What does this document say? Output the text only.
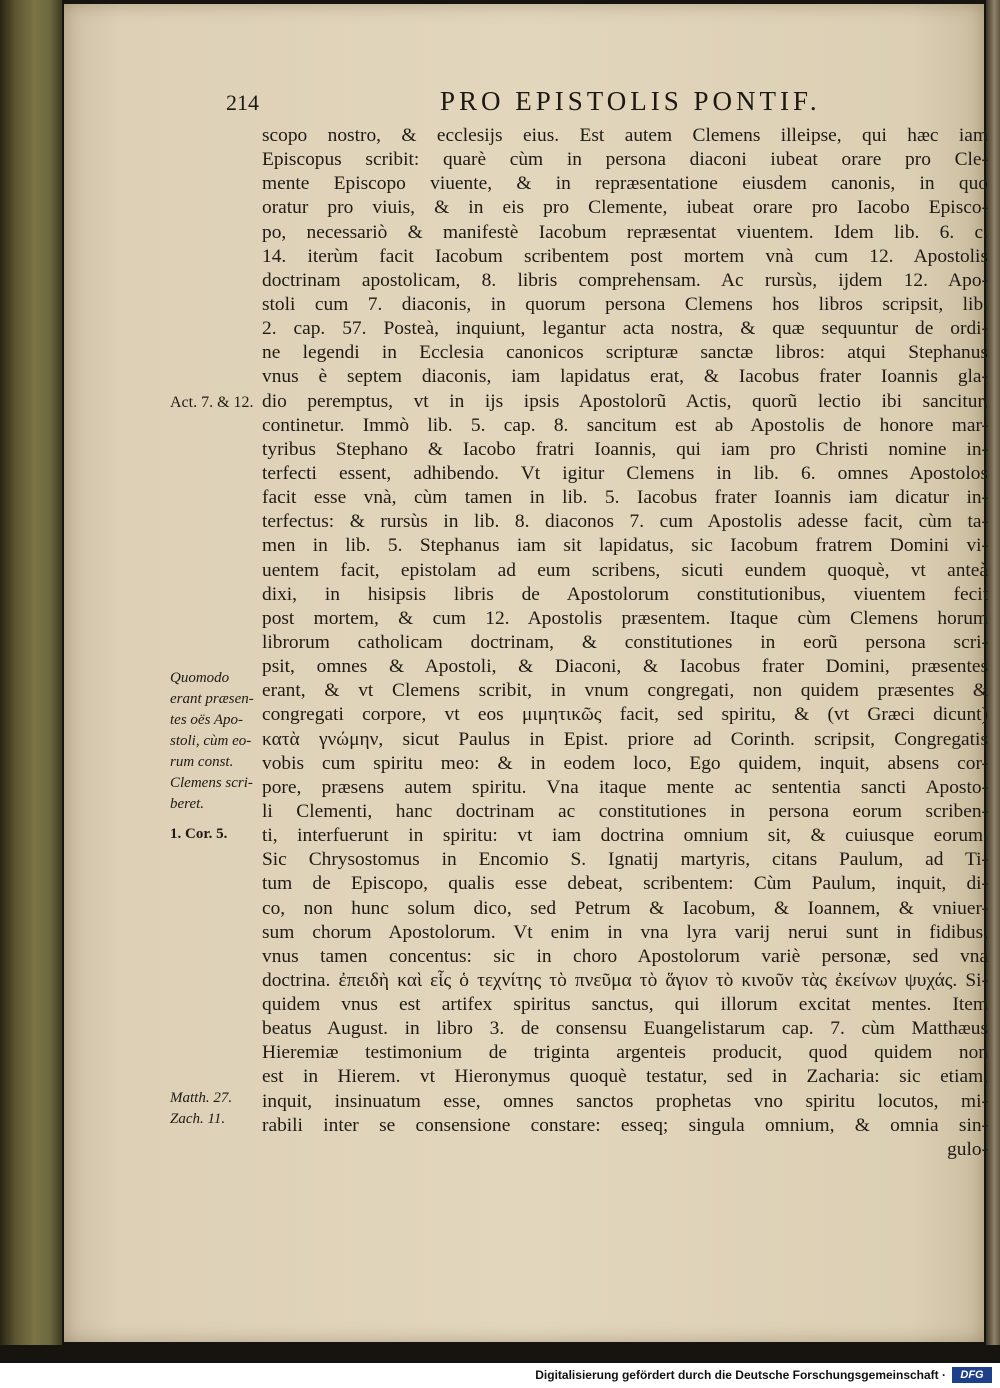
214	PRO EPISTOLIS PONTIF.
scopo nostro, & ecclesijs eius. Est autem Clemens illeipse, qui hæc iam
Episcopus scribit: quarè cùm in persona diaconi iubeat orare pro Cle-
mente Episcopo viuente, & in repræsentatione eiusdem canonis, in quo
oratur pro viuis, & in eis pro Clemente, iubeat orare pro Iacobo Episco-
po, necessariò & manifestè Iacobum repræsentat viuentem. Idem lib. 6. c.
14. iterùm facit Iacobum scribentem post mortem vnà cum 12. Apostolis
doctrinam apostolicam, 8. libris comprehensam. Ac rursùs, ijdem 12. Apo-
stoli cum 7. diaconis, in quorum persona Clemens hos libros scripsit, lib.
2. cap. 57. Posteà, inquiunt, legantur acta nostra, & quæ sequuntur de ordi-
ne legendi in Ecclesia canonicos scripturæ sanctæ libros: atqui Stephanus
vnus è septem diaconis, iam lapidatus erat, & Iacobus frater Ioannis gla-
dio peremptus, vt in ijs ipsis Apostolorũ Actis, quorũ lectio ibi sancitur,
continetur. Immò lib. 5. cap. 8. sancitum est ab Apostolis de honore mar-
tyribus Stephano & Iacobo fratri Ioannis, qui iam pro Christi nomine in-
terfecti essent, adhibendo. Vt igitur Clemens in lib. 6. omnes Apostolos
facit esse vnà, cùm tamen in lib. 5. Iacobus frater Ioannis iam dicatur in-
terfectus: & rursùs in lib. 8. diaconos 7. cum Apostolis adesse facit, cùm ta-
men in lib. 5. Stephanus iam sit lapidatus, sic Iacobum fratrem Domini vi-
uentem facit, epistolam ad eum scribens, sicuti eundem quoquè, vt anteà
dixi, in hisipsis libris de Apostolorum constitutionibus, viuentem fecit
post mortem, & cum 12. Apostolis præsentem. Itaque cùm Clemens horum
librorum catholicam doctrinam, & constitutiones in eorũ persona scri-
psit, omnes & Apostoli, & Diaconi, & Iacobus frater Domini, præsentes
erant, & vt Clemens scribit, in vnum congregati, non quidem præsentes &
congregati corpore, vt eos μιμητικῶς facit, sed spiritu, & (vt Græci dicunt)
κατὰ γνώμην, sicut Paulus in Epist. priore ad Corinth. scripsit, Congregatis
vobis cum spiritu meo: & in eodem loco, Ego quidem, inquit, absens cor-
pore, præsens autem spiritu. Vna itaque mente ac sententia sancti Aposto-
li Clementi, hanc doctrinam ac constitutiones in persona eorum scriben-
ti, interfuerunt in spiritu: vt iam doctrina omnium sit, & cuiusque eorum.
Sic Chrysostomus in Encomio S. Ignatij martyris, citans Paulum, ad Ti-
tum de Episcopo, qualis esse debeat, scribentem: Cùm Paulum, inquit, di-
co, non hunc solum dico, sed Petrum & Iacobum, & Ioannem, & vniuer-
sum chorum Apostolorum. Vt enim in vna lyra varij nerui sunt in fidibus,
vnus tamen concentus: sic in choro Apostolorum variè personæ, sed vna
doctrina. ἐπειδὴ καὶ εἷς ὁ τεχνίτης τὸ πνεῦμα τὸ ἅγιον τὸ κινοῦν τὰς ἐκείνων ψυχάς. Si-
quidem vnus est artifex spiritus sanctus, qui illorum excitat mentes. Item
beatus August. in libro 3. de consensu Euangelistarum cap. 7. cùm Matthæus
Hieremiæ testimonium de triginta argenteis producit, quod quidem non
est in Hierem. vt Hieronymus quoquè testatur, sed in Zacharia: sic etiam,
inquit, insinuatum esse, omnes sanctos prophetas vno spiritu locutos, mi-
rabili inter se consensione constare: esseq; singula omnium, & omnia sin-
gulo-
Act. 7. & 12.
Quomodo
erant præsen-
tes oës Apo-
stoli, cùm eo-
rum const.
Clemens scri-
beret.
1. Cor. 5.
Matth. 27.
Zach. 11.
Digitalisierung gefördert durch die Deutsche Forschungsgemeinschaft ·	DFG
